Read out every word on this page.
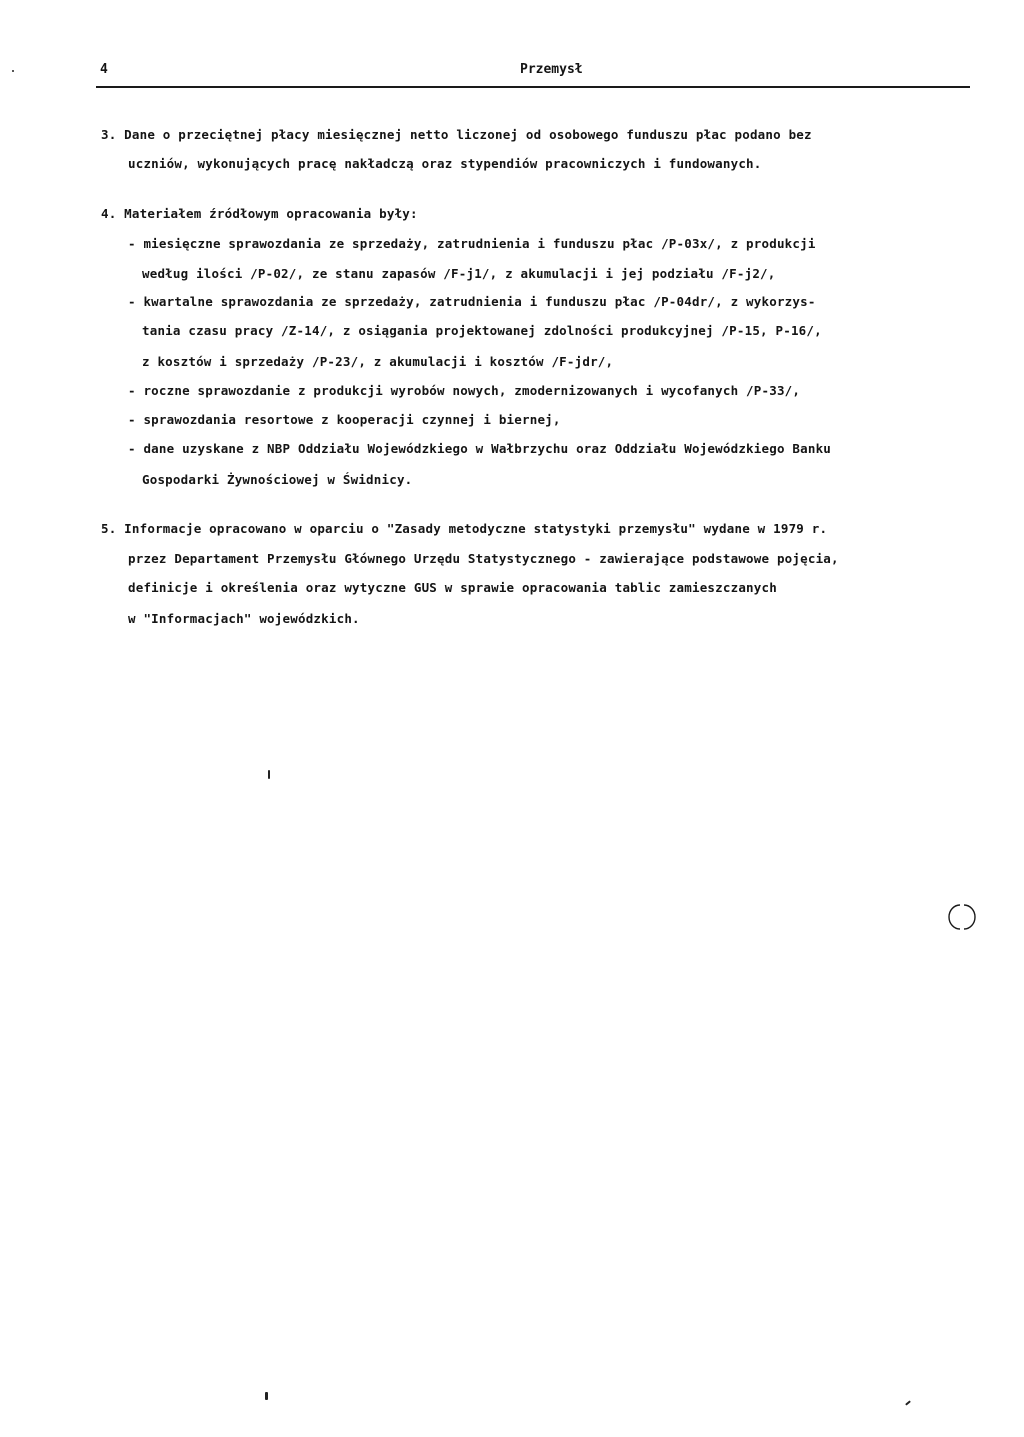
4	Przemysł
3. Dane o przeciętnej płacy miesięcznej netto liczonej od osobowego funduszu płac podano bez
uczniów, wykonujących pracę nakładczą oraz stypendiów pracowniczych i fundowanych.
4. Materiałem źródłowym opracowania były:
- miesięczne sprawozdania ze sprzedaży, zatrudnienia i funduszu płac /P-03x/, z produkcji
według ilości /P-02/, ze stanu zapasów /F-j1/, z akumulacji i jej podziału /F-j2/,
- kwartalne sprawozdania ze sprzedaży, zatrudnienia i funduszu płac /P-04dr/, z wykorzys-
tania czasu pracy /Z-14/, z osiągania projektowanej zdolności produkcyjnej /P-15, P-16/,
z kosztów i sprzedaży /P-23/, z akumulacji i kosztów /F-jdr/,
- roczne sprawozdanie z produkcji wyrobów nowych, zmodernizowanych i wycofanych /P-33/,
- sprawozdania resortowe z kooperacji czynnej i biernej,
- dane uzyskane z NBP Oddziału Wojewódzkiego w Wałbrzychu oraz Oddziału Wojewódzkiego Banku
Gospodarki Żywnościowej w Świdnicy.
5. Informacje opracowano w oparciu o "Zasady metodyczne statystyki przemysłu" wydane w 1979 r.
przez Departament Przemysłu Głównego Urzędu Statystycznego - zawierające podstawowe pojęcia,
definicje i określenia oraz wytyczne GUS w sprawie opracowania tablic zamieszczanych
w "Informacjach" wojewódzkich.
